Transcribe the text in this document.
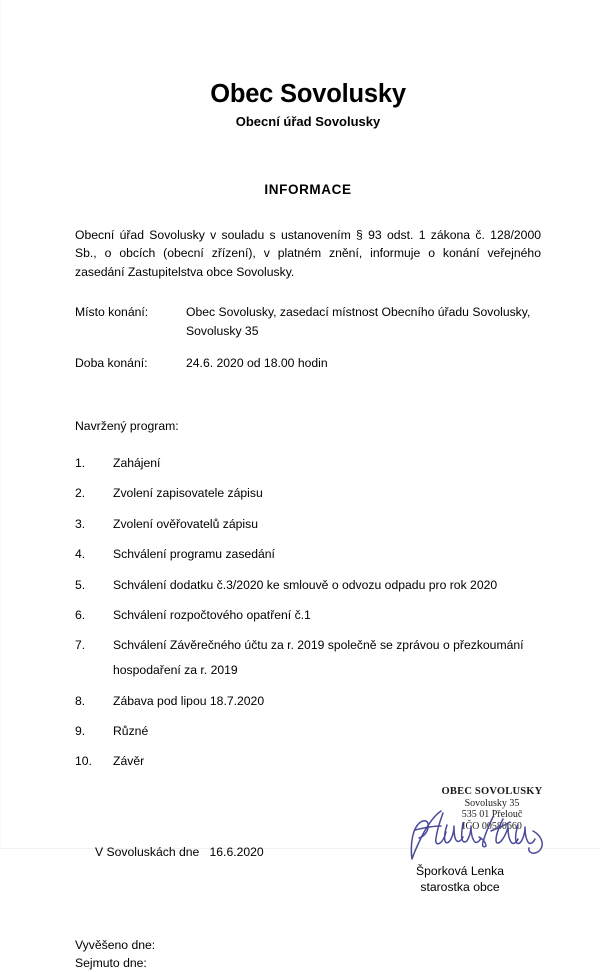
Obec Sovolusky
Obecní úřad Sovolusky
INFORMACE

Obecní úřad Sovolusky v souladu s ustanovením § 93 odst. 1 zákona č. 128/2000 Sb., o obcích (obecní zřízení), v platném znění, informuje o konání veřejného zasedání Zastupitelstva obce Sovolusky.

Místo konání:	Obec Sovolusky, zasedací místnost Obecního úřadu Sovolusky, Sovolusky 35
Doba konání:	24.6. 2020 od 18.00 hodin

Navržený program:

1.	Zahájení
2.	Zvolení zapisovatele zápisu
3.	Zvolení ověřovatelů zápisu
4.	Schválení programu zasedání
5.	Schválení dodatku č.3/2020 ke smlouvě o odvozu odpadu pro rok 2020
6.	Schválení rozpočtového opatření č.1
7.	Schválení Závěrečného účtu za r. 2019 společně se zprávou o přezkoumání
hospodaření za r. 2019
8.	Zábava pod lipou 18.7.2020
9.	Různé
10.	Závěr
OBEC SOVOLUSKY
Sovolusky 35
535 01 Přelouč
IČO 00580660
V Sovoluskách dne   16.6.2020
Šporková Lenka
starostka obce
Vyvěšeno dne:
Sejmuto dne:
